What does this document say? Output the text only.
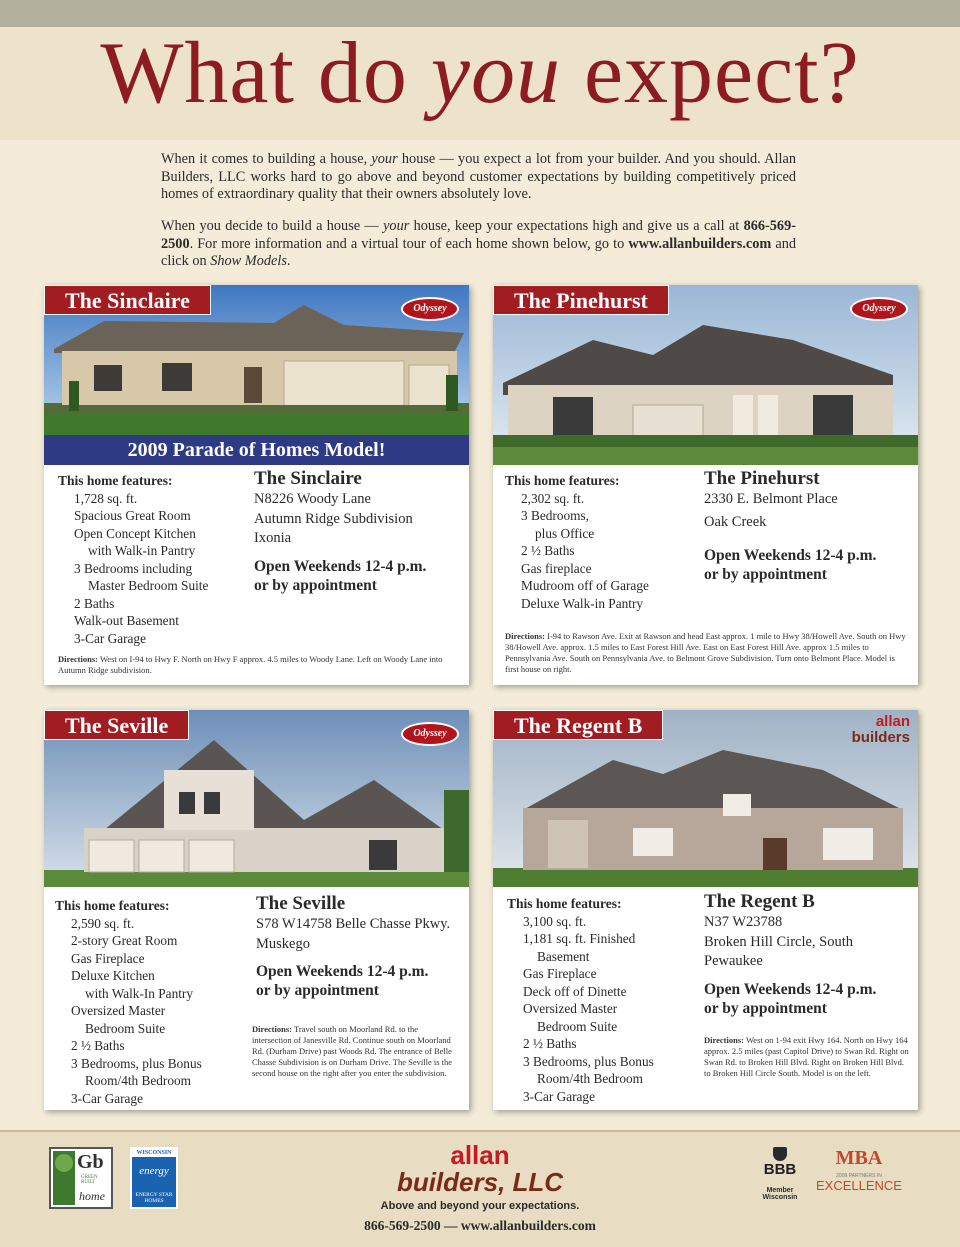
What do you expect?

When it comes to building a house, your house — you expect a lot from your builder. And you should. Allan Builders, LLC works hard to go above and beyond customer expectations by building competitively priced homes of extraordinary quality that their owners absolutely love.

When you decide to build a house — your house, keep your expectations high and give us a call at 866-569-2500. For more information and a virtual tour of each home shown below, go to www.allanbuilders.com and click on Show Models.

The Sinclaire	Odyssey
2009 Parade of Homes Model!
This home features:
1,728 sq. ft.
Spacious Great Room
Open Concept Kitchen
with Walk-in Pantry
3 Bedrooms including
Master Bedroom Suite
2 Baths
Walk-out Basement
3-Car Garage
The Sinclaire
N8226 Woody Lane
Autumn Ridge Subdivision
Ixonia
Open Weekends 12-4 p.m.
or by appointment
Directions: West on I-94 to Hwy F. North on Hwy F approx. 4.5 miles to Woody Lane. Left on Woody Lane into Autumn Ridge subdivision.
The Pinehurst	Odyssey
This home features:
2,302 sq. ft.
3 Bedrooms,
plus Office
2 ½ Baths
Gas fireplace
Mudroom off of Garage
Deluxe Walk-in Pantry
The Pinehurst
2330 E. Belmont Place
Oak Creek
Open Weekends 12-4 p.m.
or by appointment
Directions: I-94 to Rawson Ave. Exit at Rawson and head East approx. 1 mile to Hwy 38/Howell Ave. South on Hwy 38/Howell Ave. approx. 1.5 miles to East Forest Hill Ave. East on East Forest Hill Ave. approx 1.5 miles to Pennsylvania Ave. South on Pennsylvania Ave. to Belmont Grove Subdivision. Turn onto Belmont Place. Model is first house on right.
The Seville	Odyssey
This home features:
2,590 sq. ft.
2-story Great Room
Gas Fireplace
Deluxe Kitchen
with Walk-In Pantry
Oversized Master
Bedroom Suite
2 ½ Baths
3 Bedrooms, plus Bonus
Room/4th Bedroom
3-Car Garage
The Seville
S78 W14758 Belle Chasse Pkwy.
Muskego
Open Weekends 12-4 p.m.
or by appointment
Directions: Travel south on Moorland Rd. to the intersection of Janesville Rd. Continue south on Moorland Rd. (Durham Drive) past Woods Rd. The entrance of Belle Chasse Subdivision is on Durham Drive. The Seville is the second house on the right after you enter the subdivision.
The Regent B	allan
builders
This home features:
3,100 sq. ft.
1,181 sq. ft. Finished
Basement
Gas Fireplace
Deck off of Dinette
Oversized Master
Bedroom Suite
2 ½ Baths
3 Bedrooms, plus Bonus
Room/4th Bedroom
3-Car Garage
The Regent B
N37 W23788
Broken Hill Circle, South
Pewaukee
Open Weekends 12-4 p.m.
or by appointment
Directions: West on 1-94 exit Hwy 164. North on Hwy 164 approx. 2.5 miles (past Capitol Drive) to Swan Rd. Right on Swan Rd. to Broken Hill Blvd. Right on Broken Hill Blvd. to Broken Hill Circle South. Model is on the left.
Gb
GREEN BUILT
home
WISCONSIN
energy
ENERGY STAR HOMES
allan
builders, LLC
Above and beyond your expectations.
866-569-2500 — www.allanbuilders.com
BBB
Member
Wisconsin
MBA
2009 PARTNERS IN
EXCELLENCE
